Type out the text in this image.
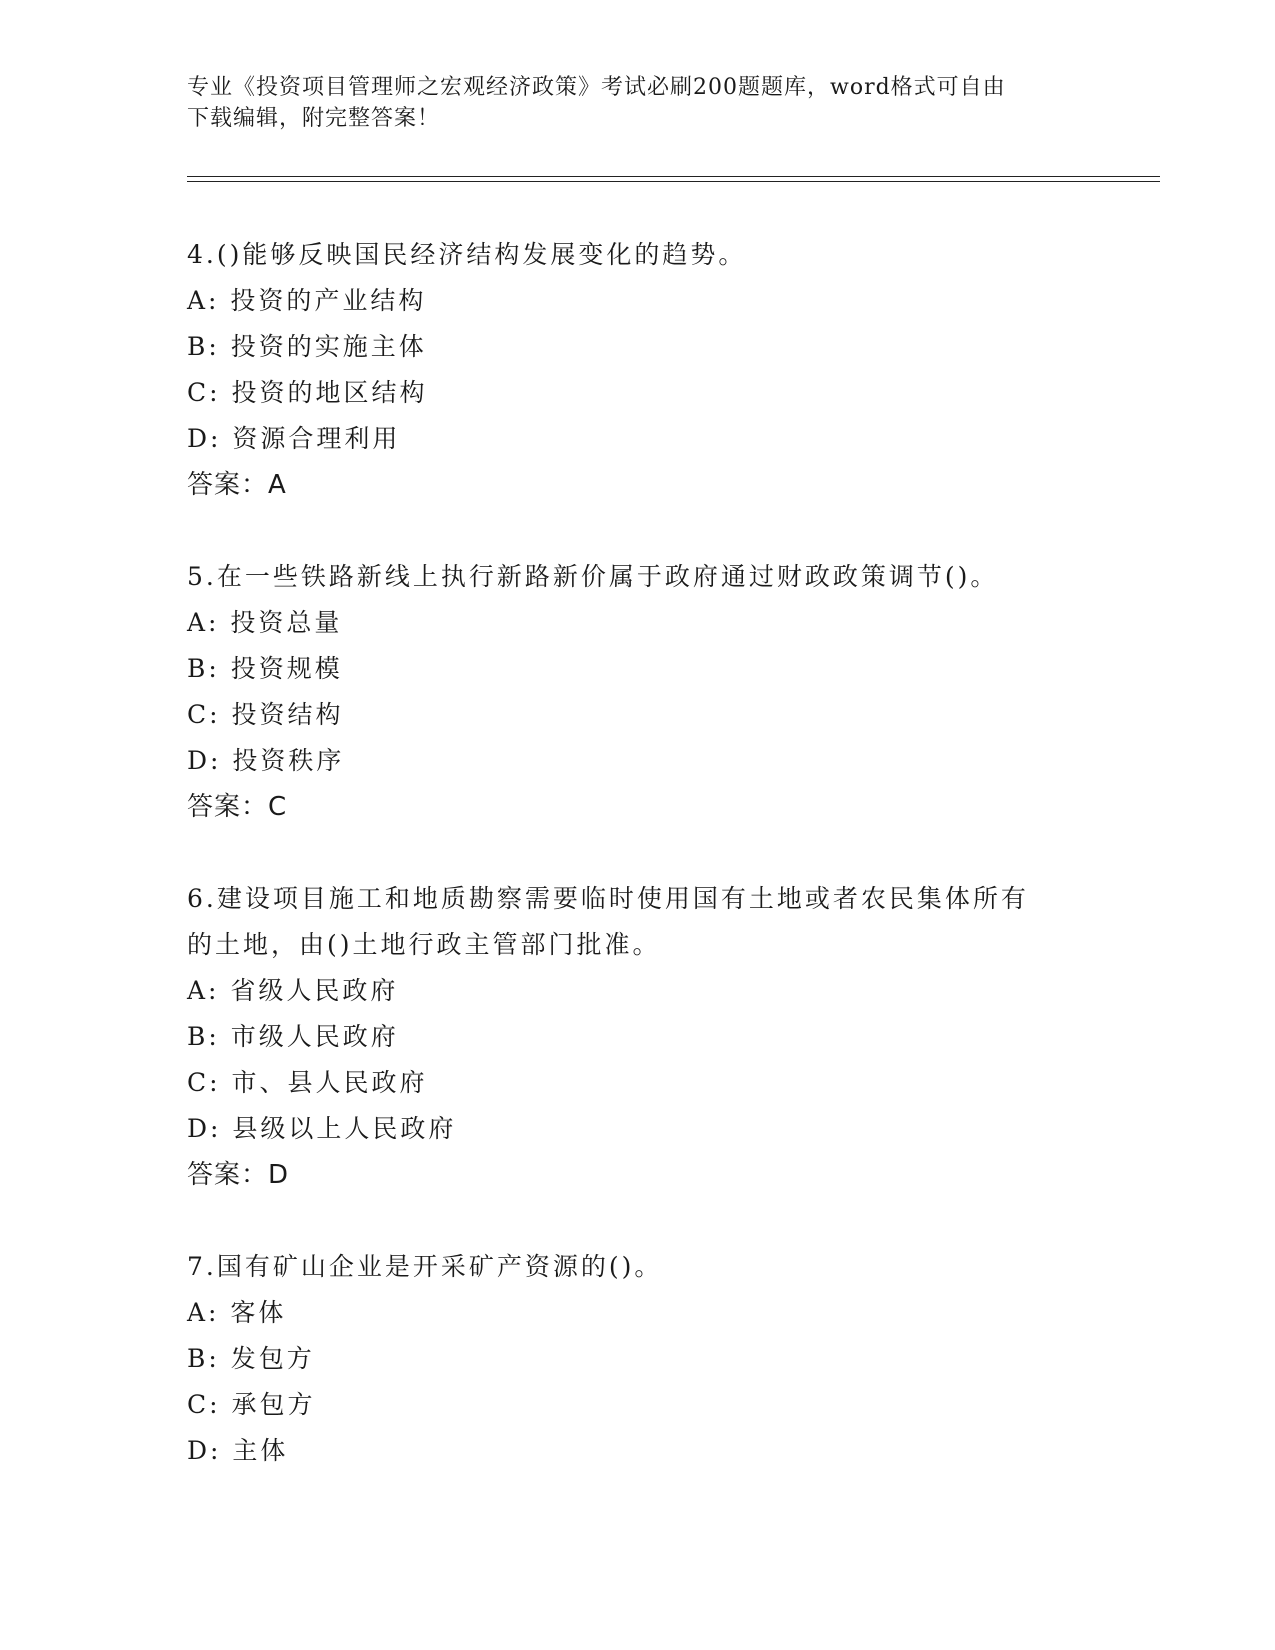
专业《投资项目管理师之宏观经济政策》考试必刷200题题库，word格式可自由
下载编辑，附完整答案！
4.()能够反映国民经济结构发展变化的趋势。
A: 投资的产业结构
B: 投资的实施主体
C: 投资的地区结构
D: 资源合理利用
答案：A
5.在一些铁路新线上执行新路新价属于政府通过财政政策调节()。
A: 投资总量
B: 投资规模
C: 投资结构
D: 投资秩序
答案：C
6.建设项目施工和地质勘察需要临时使用国有土地或者农民集体所有
的土地，由()土地行政主管部门批准。
A: 省级人民政府
B: 市级人民政府
C: 市、县人民政府
D: 县级以上人民政府
答案：D
7.国有矿山企业是开采矿产资源的()。
A: 客体
B: 发包方
C: 承包方
D: 主体
